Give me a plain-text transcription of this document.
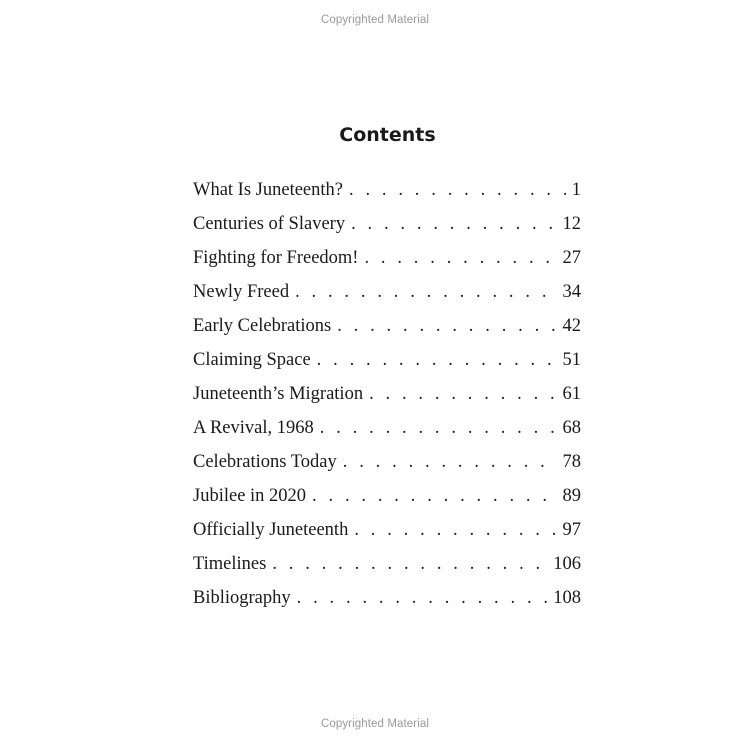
Copyrighted Material
Contents
What Is Juneteenth? . . .	1
Centuries of Slavery . . .	12
Fighting for Freedom! . . .	27
Newly Freed . . .	34
Early Celebrations . . .	42
Claiming Space . . .	51
Juneteenth’s Migration . . .	61
A Revival, 1968 . . .	68
Celebrations Today . . .	78
Jubilee in 2020 . . .	89
Officially Juneteenth . . .	97
Timelines . . .	106
Bibliography . . .	108
Copyrighted Material
